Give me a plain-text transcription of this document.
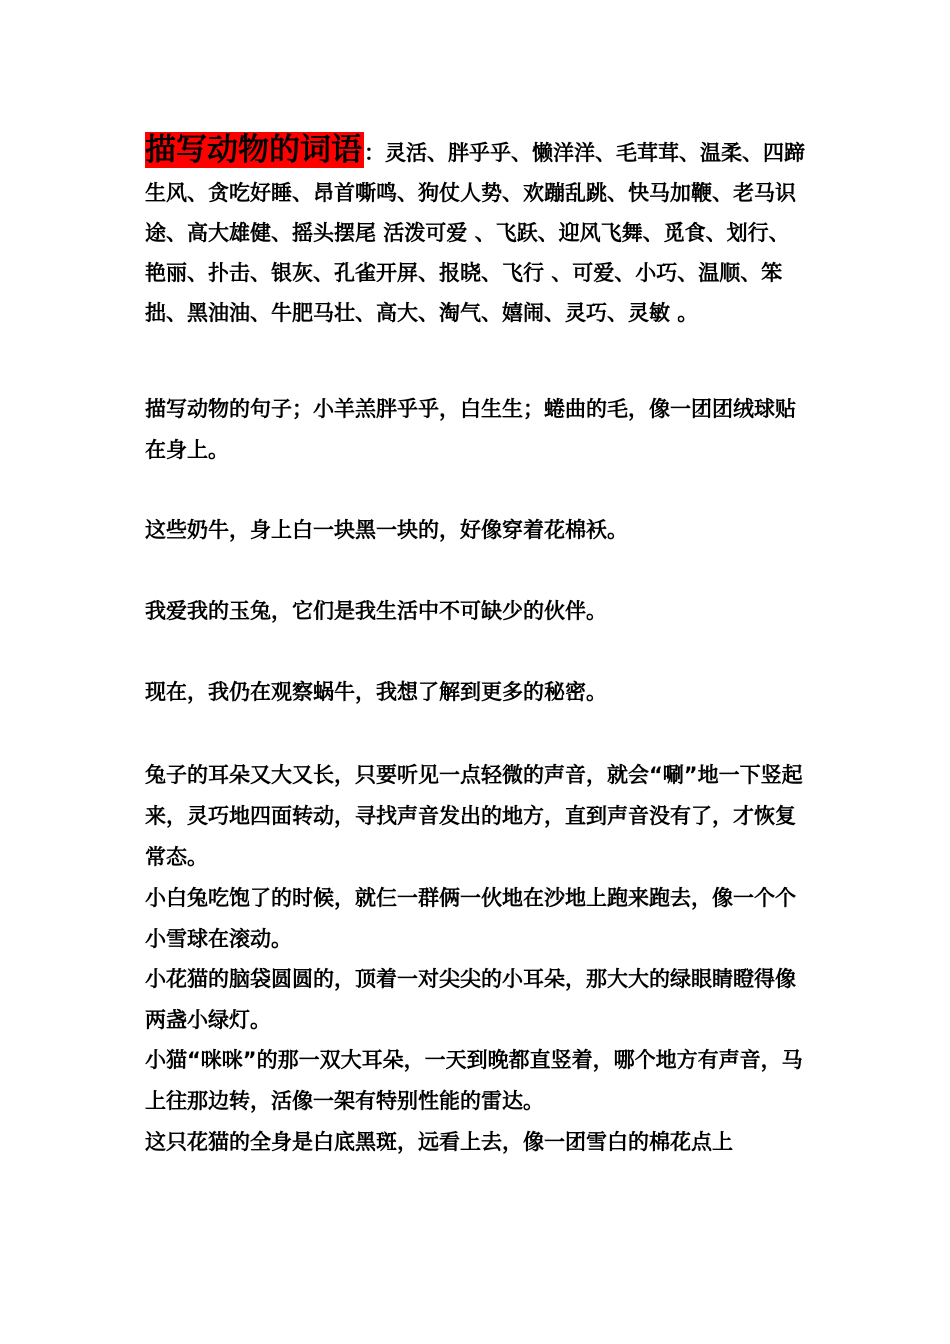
描写动物的词语：灵活、胖乎乎、懒洋洋、毛茸茸、温柔、四蹄生风、贪吃好睡、昂首嘶鸣、狗仗人势、欢蹦乱跳、快马加鞭、老马识途、高大雄健、摇头摆尾 活泼可爱 、飞跃、迎风飞舞、觅食、划行、艳丽、扑击、银灰、孔雀开屏、报晓、飞行 、可爱、小巧、温顺、笨拙、黑油油、牛肥马壮、高大、淘气、嬉闹、灵巧、灵敏 。

描写动物的句子；小羊羔胖乎乎，白生生；蜷曲的毛，像一团团绒球贴在身上。

这些奶牛，身上白一块黑一块的，好像穿着花棉袄。

我爱我的玉兔，它们是我生活中不可缺少的伙伴。

现在，我仍在观察蜗牛，我想了解到更多的秘密。

兔子的耳朵又大又长，只要听见一点轻微的声音，就会“唰”地一下竖起来，灵巧地四面转动，寻找声音发出的地方，直到声音没有了，才恢复常态。

小白兔吃饱了的时候，就仨一群俩一伙地在沙地上跑来跑去，像一个个小雪球在滚动。

小花猫的脑袋圆圆的，顶着一对尖尖的小耳朵，那大大的绿眼睛瞪得像两盏小绿灯。

小猫“咪咪”的那一双大耳朵，一天到晚都直竖着，哪个地方有声音，马上往那边转，活像一架有特别性能的雷达。

这只花猫的全身是白底黑斑，远看上去，像一团雪白的棉花点上
